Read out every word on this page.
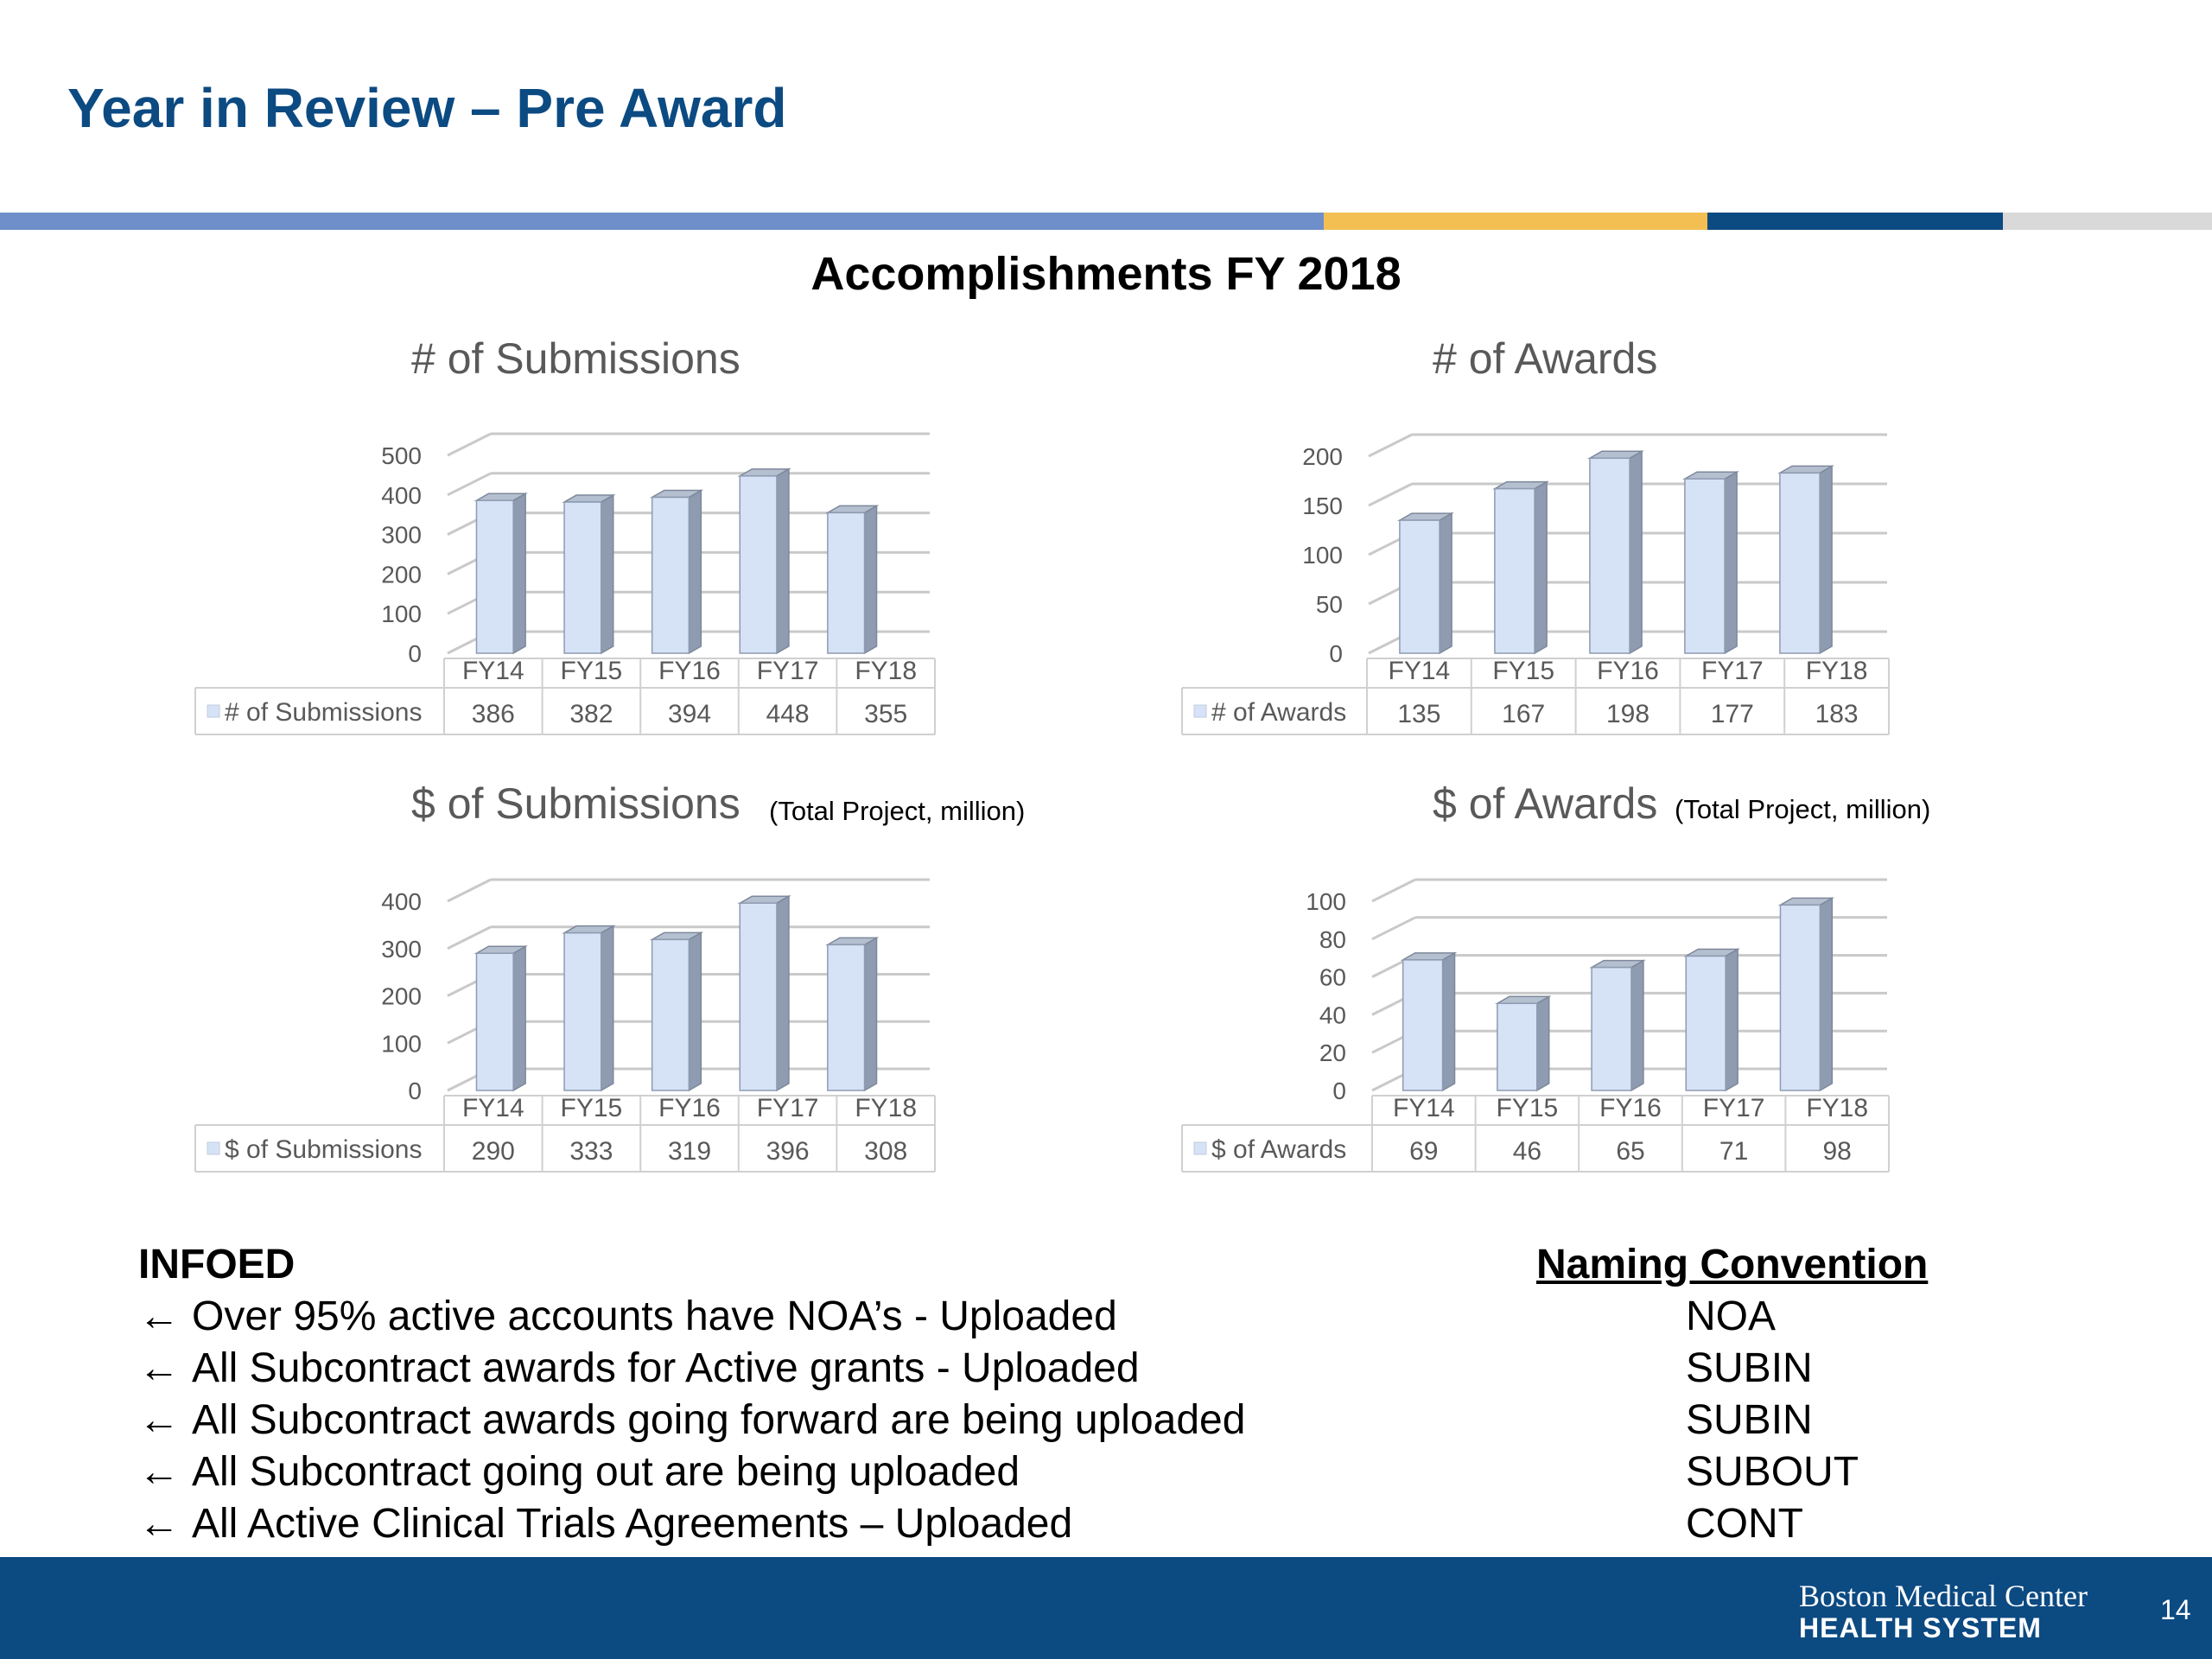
Year in Review – Pre Award
Accomplishments FY 2018
# of Submissions
0
100
200
300
400
500
FY14
386
FY15
382
FY16
394
FY17
448
FY18
355
# of Submissions
# of Awards
0
50
100
150
200
FY14
135
FY15
167
FY16
198
FY17
177
FY18
183
# of Awards
$ of Submissions (Total Project, million)
0
100
200
300
400
FY14
290
FY15
333
FY16
319
FY17
396
FY18
308
$ of Submissions
$ of Awards (Total Project, million)
0
20
40
60
80
100
FY14
69
FY15
46
FY16
65
FY17
71
FY18
98
$ of Awards
INFOED
← Over 95% active accounts have NOA’s - Uploaded
← All Subcontract awards for Active grants - Uploaded
← All Subcontract awards going forward are being uploaded
← All Subcontract going out are being uploaded
← All Active Clinical Trials Agreements – Uploaded
Naming Convention
NOA
SUBIN
SUBIN
SUBOUT
CONT
Boston Medical Center
HEALTH SYSTEM
14
